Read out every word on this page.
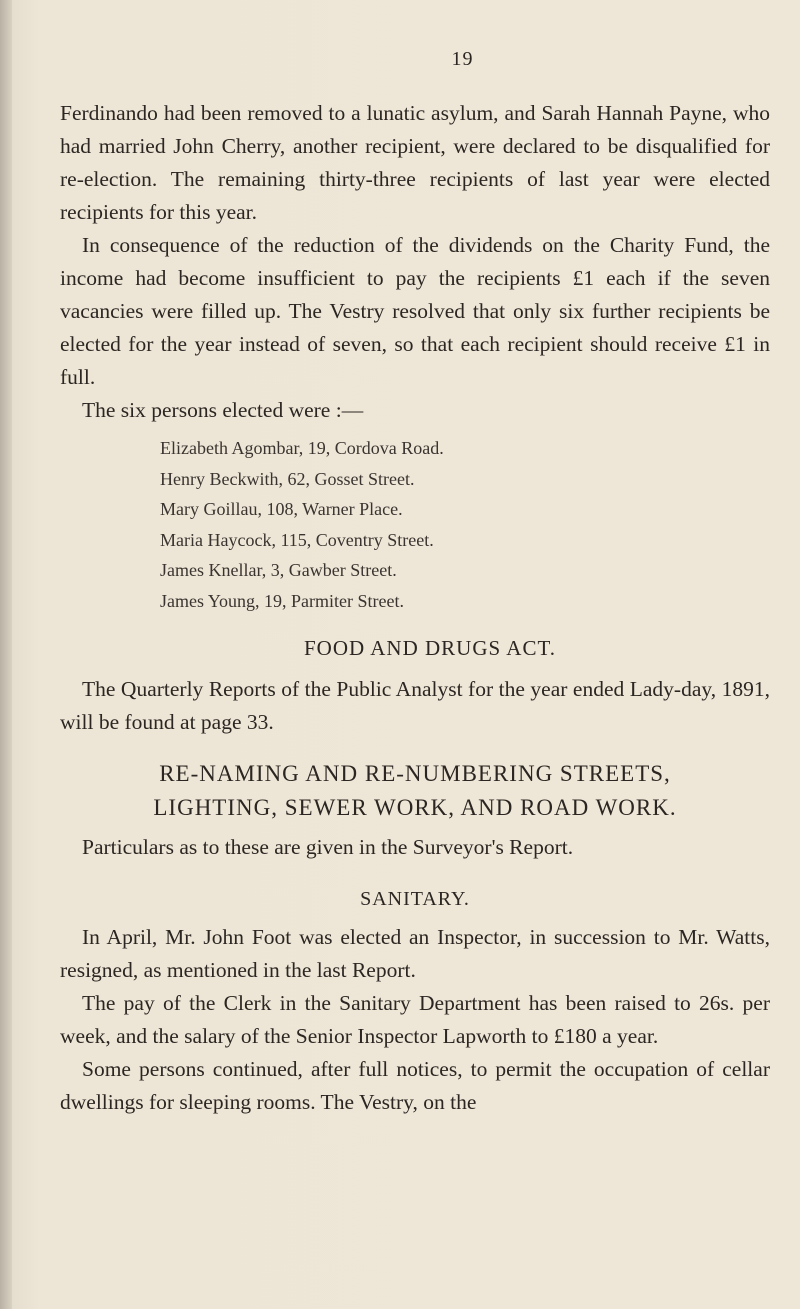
19

Ferdinando had been removed to a lunatic asylum, and Sarah Hannah Payne, who had married John Cherry, another recipient, were declared to be disqualified for re-election. The remaining thirty-three recipients of last year were elected recipients for this year.

In consequence of the reduction of the dividends on the Charity Fund, the income had become insufficient to pay the recipients £1 each if the seven vacancies were filled up. The Vestry resolved that only six further recipients be elected for the year instead of seven, so that each recipient should receive £1 in full.

The six persons elected were :—

Elizabeth Agombar, 19, Cordova Road.
Henry Beckwith, 62, Gosset Street.
Mary Goillau, 108, Warner Place.
Maria Haycock, 115, Coventry Street.
James Knellar, 3, Gawber Street.
James Young, 19, Parmiter Street.
FOOD AND DRUGS ACT.

The Quarterly Reports of the Public Analyst for the year ended Lady-day, 1891, will be found at page 33.

RE-NAMING AND RE-NUMBERING STREETS,
LIGHTING, SEWER WORK, AND ROAD WORK.

Particulars as to these are given in the Surveyor's Report.

SANITARY.

In April, Mr. John Foot was elected an Inspector, in succession to Mr. Watts, resigned, as mentioned in the last Report.

The pay of the Clerk in the Sanitary Department has been raised to 26s. per week, and the salary of the Senior Inspector Lapworth to £180 a year.

Some persons continued, after full notices, to permit the occupation of cellar dwellings for sleeping rooms. The Vestry, on the
